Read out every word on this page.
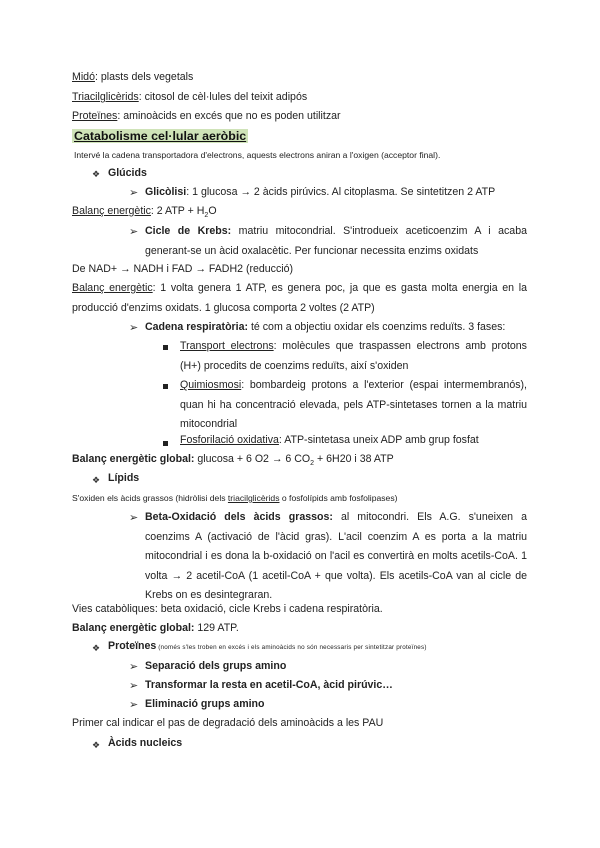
Midó: plasts dels vegetals
Triacilglicèrids: citosol de cèl·lules del teixit adipós
Proteïnes: aminoàcids en excés que no es poden utilitzar
Catabolisme cel·lular aeròbic
Intervé la cadena transportadora d'electrons, aquests electrons aniran a l'oxigen (acceptor final).
❖ Glúcids
➢ Glicòlisi: 1 glucosa → 2 àcids pirúvics. Al citoplasma. Se sintetitzen 2 ATP
Balanç energètic: 2 ATP + $H_2O$
➢ Cicle de Krebs: matriu mitocondrial. S'introdueix aceticoenzim A i acaba generant-se un àcid oxalacètic. Per funcionar necessita enzims oxidats
De NAD+ → NADH i FAD → FADH2 (reducció)
Balanç energètic: 1 volta genera 1 ATP, es genera poc, ja que es gasta molta energia en la producció d'enzims oxidats. 1 glucosa comporta 2 voltes (2 ATP)
➢ Cadena respiratòria: té com a objectiu oxidar els coenzims reduïts. 3 fases:
Transport electrons: molècules que traspassen electrons amb protons (H+) procedits de coenzims reduïts, així s'oxiden
Quimiosmosi: bombardeig protons a l'exterior (espai intermembranós), quan hi ha concentració elevada, pels ATP-sintetases tornen a la matriu mitocondrial
Fosforilació oxidativa: ATP-sintetasa uneix ADP amb grup fosfat
Balanç energètic global: glucosa + 6 O2 → 6 $CO_2 + 6H20$ i 38 ATP
❖ Lípids
S'oxiden els àcids grassos (hidròlisi dels triacilglicèrids o fosfolípids amb fosfolipases)
➢ Beta-Oxidació dels àcids grassos: al mitocondri. Els A.G. s'uneixen a coenzims A (activació de l'àcid gras). L'acil coenzim A es porta a la matriu mitocondrial i es dona la b-oxidació on l'acil es convertirà en molts acetils-CoA. 1 volta → 2 acetil-CoA (1 acetil-CoA + que volta). Els acetils-CoA van al cicle de Krebs on es desintegraran.
Vies catabòliques: beta oxidació, cicle Krebs i cadena respiratòria.
Balanç energètic global: 129 ATP.
❖ Proteïnes (només s'les troben en excés i els aminoàcids no són necessaris per sintetitzar proteïnes)
➢ Separació dels grups amino
➢ Transformar la resta en acetil-CoA, àcid pirúvic…
➢ Eliminació grups amino
Primer cal indicar el pas de degradació dels aminoàcids a les PAU
❖ Àcids nucleics
